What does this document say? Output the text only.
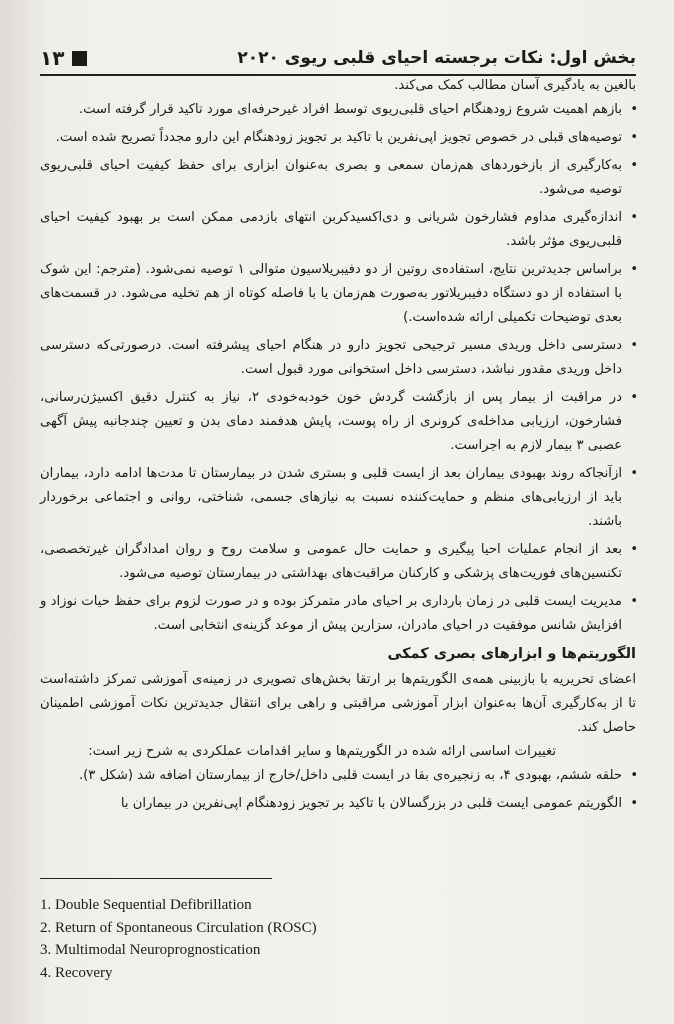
بخش اول: نکات برجسته احیای قلبی ریوی ۲۰۲۰
۱۳

بالغین به یادگیری آسان مطالب کمک می‌کند.

•
بازهم اهمیت شروع زودهنگام احیای قلبی‌ریوی توسط افراد غیرحرفه‌ای مورد تاکید قرار گرفته است.
•
توصیه‌های قبلی در خصوص تجویز اپی‌نفرین با تاکید بر تجویز زودهنگام این دارو مجدداً تصریح شده است.
•
به‌کارگیری از بازخوردهای هم‌زمان سمعی و بصری به‌عنوان ابزاری برای حفظ کیفیت احیای قلبی‌ریوی توصیه می‌شود.
•
اندازه‌گیری مداوم فشارخون شریانی و دی‌اکسیدکربن انتهای بازدمی ممکن است بر بهبود کیفیت احیای قلبی‌ریوی مؤثر باشد.
•
براساس جدیدترین نتایج، استفاده‌ی روتین از دو دفیبریلاسیون متوالی ۱ توصیه نمی‌شود. (مترجم: این شوک با استفاده از دو دستگاه دفیبریلاتور به‌صورت هم‌زمان یا با فاصله کوتاه از هم تخلیه می‌شود. در قسمت‌های بعدی توضیحات تکمیلی ارائه شده‌است.)
•
دسترسی داخل وریدی مسیر ترجیحی تجویز دارو در هنگام احیای پیشرفته است. درصورتی‌که دسترسی داخل وریدی مقدور نباشد، دسترسی داخل استخوانی مورد قبول است.
•
در مراقبت از بیمار پس از بازگشت گردش خون خودبه‌خودی ۲، نیاز به کنترل دقیق اکسیژن‌رسانی، فشارخون، ارزیابی مداخله‌ی کرونری از راه پوست، پایش هدفمند دمای بدن و تعیین چندجانبه پیش آگهی عصبی ۳ بیمار لازم به اجراست.
•
ازآنجاکه روند بهبودی بیماران بعد از ایست قلبی و بستری شدن در بیمارستان تا مدت‌ها ادامه دارد، بیماران باید از ارزیابی‌های منظم و حمایت‌کننده نسبت به نیازهای جسمی، شناختی، روانی و اجتماعی برخوردار باشند.
•
بعد از انجام عملیات احیا پیگیری و حمایت حال عمومی و سلامت روح و روان امدادگران غیرتخصصی، تکنسین‌های فوریت‌های پزشکی و کارکنان مراقبت‌های بهداشتی در بیمارستان توصیه می‌شود.
•
مدیریت ایست قلبی در زمان بارداری بر احیای مادر متمرکز بوده و در صورت لزوم برای حفظ حیات نوزاد و افزایش شانس موفقیت در احیای مادران، سزارین پیش از موعد گزینه‌ی انتخابی است.
الگوریتم‌ها و ابزارهای بصری کمکی

اعضای تحریریه با بازبینی همه‌ی الگوریتم‌ها بر ارتقا بخش‌های تصویری در زمینه‌ی آموزشی تمرکز داشته‌است تا از به‌کارگیری آن‌ها به‌عنوان ابزار آموزشی مراقبتی و راهی برای انتقال جدیدترین نکات آموزشی اطمینان حاصل کند.

تغییرات اساسی ارائه شده در الگوریتم‌ها و سایر اقدامات عملکردی به شرح زیر است:

•
حلقه ششم، بهبودی ۴، به زنجیره‌ی بقا در ایست قلبی داخل/خارج از بیمارستان اضافه شد (شکل ۳).
•
الگوریتم عمومی ایست قلبی در بزرگسالان با تاکید بر تجویز زودهنگام اپی‌نفرین در بیماران با
1. Double Sequential Defibrillation
2. Return of Spontaneous Circulation (ROSC)
3. Multimodal Neuroprognostication
4. Recovery
